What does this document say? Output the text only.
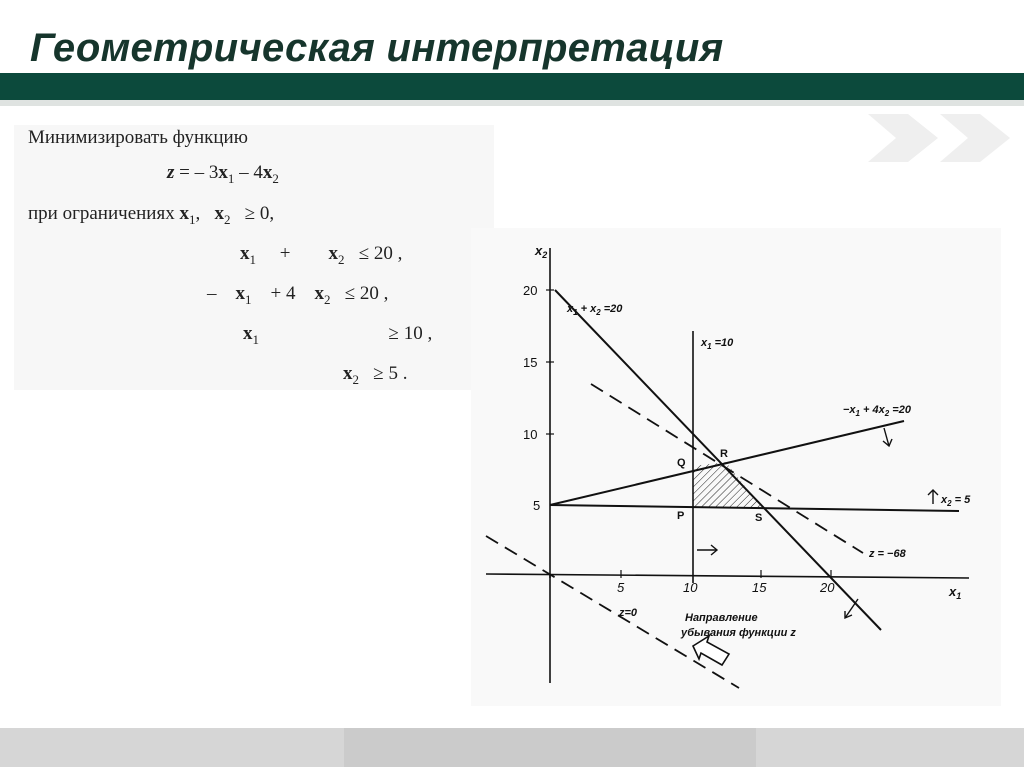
Геометрическая интерпретация
Минимизировать функцию
z = – $3x_1 - 4x_2$
при ограничениях $x_1$, $x_2 \ge 0$,
$x_1 + x_2 \le 20$ ,
– $x_1 + 4$ $x_2 \le 20$ ,
$x_1$	≥ 10 ,
$x_2 \ge 5$ .
$x_2$
$x_1$
20
15
10
5
5	10	15	20
$x_1 + x_2 =20$
$x_1 =10$
$-x_1 + 4x_2 =20$
$x_2 = 5$
z = −68
z=0
Q
R
S
P
Направление
убывания функции z
